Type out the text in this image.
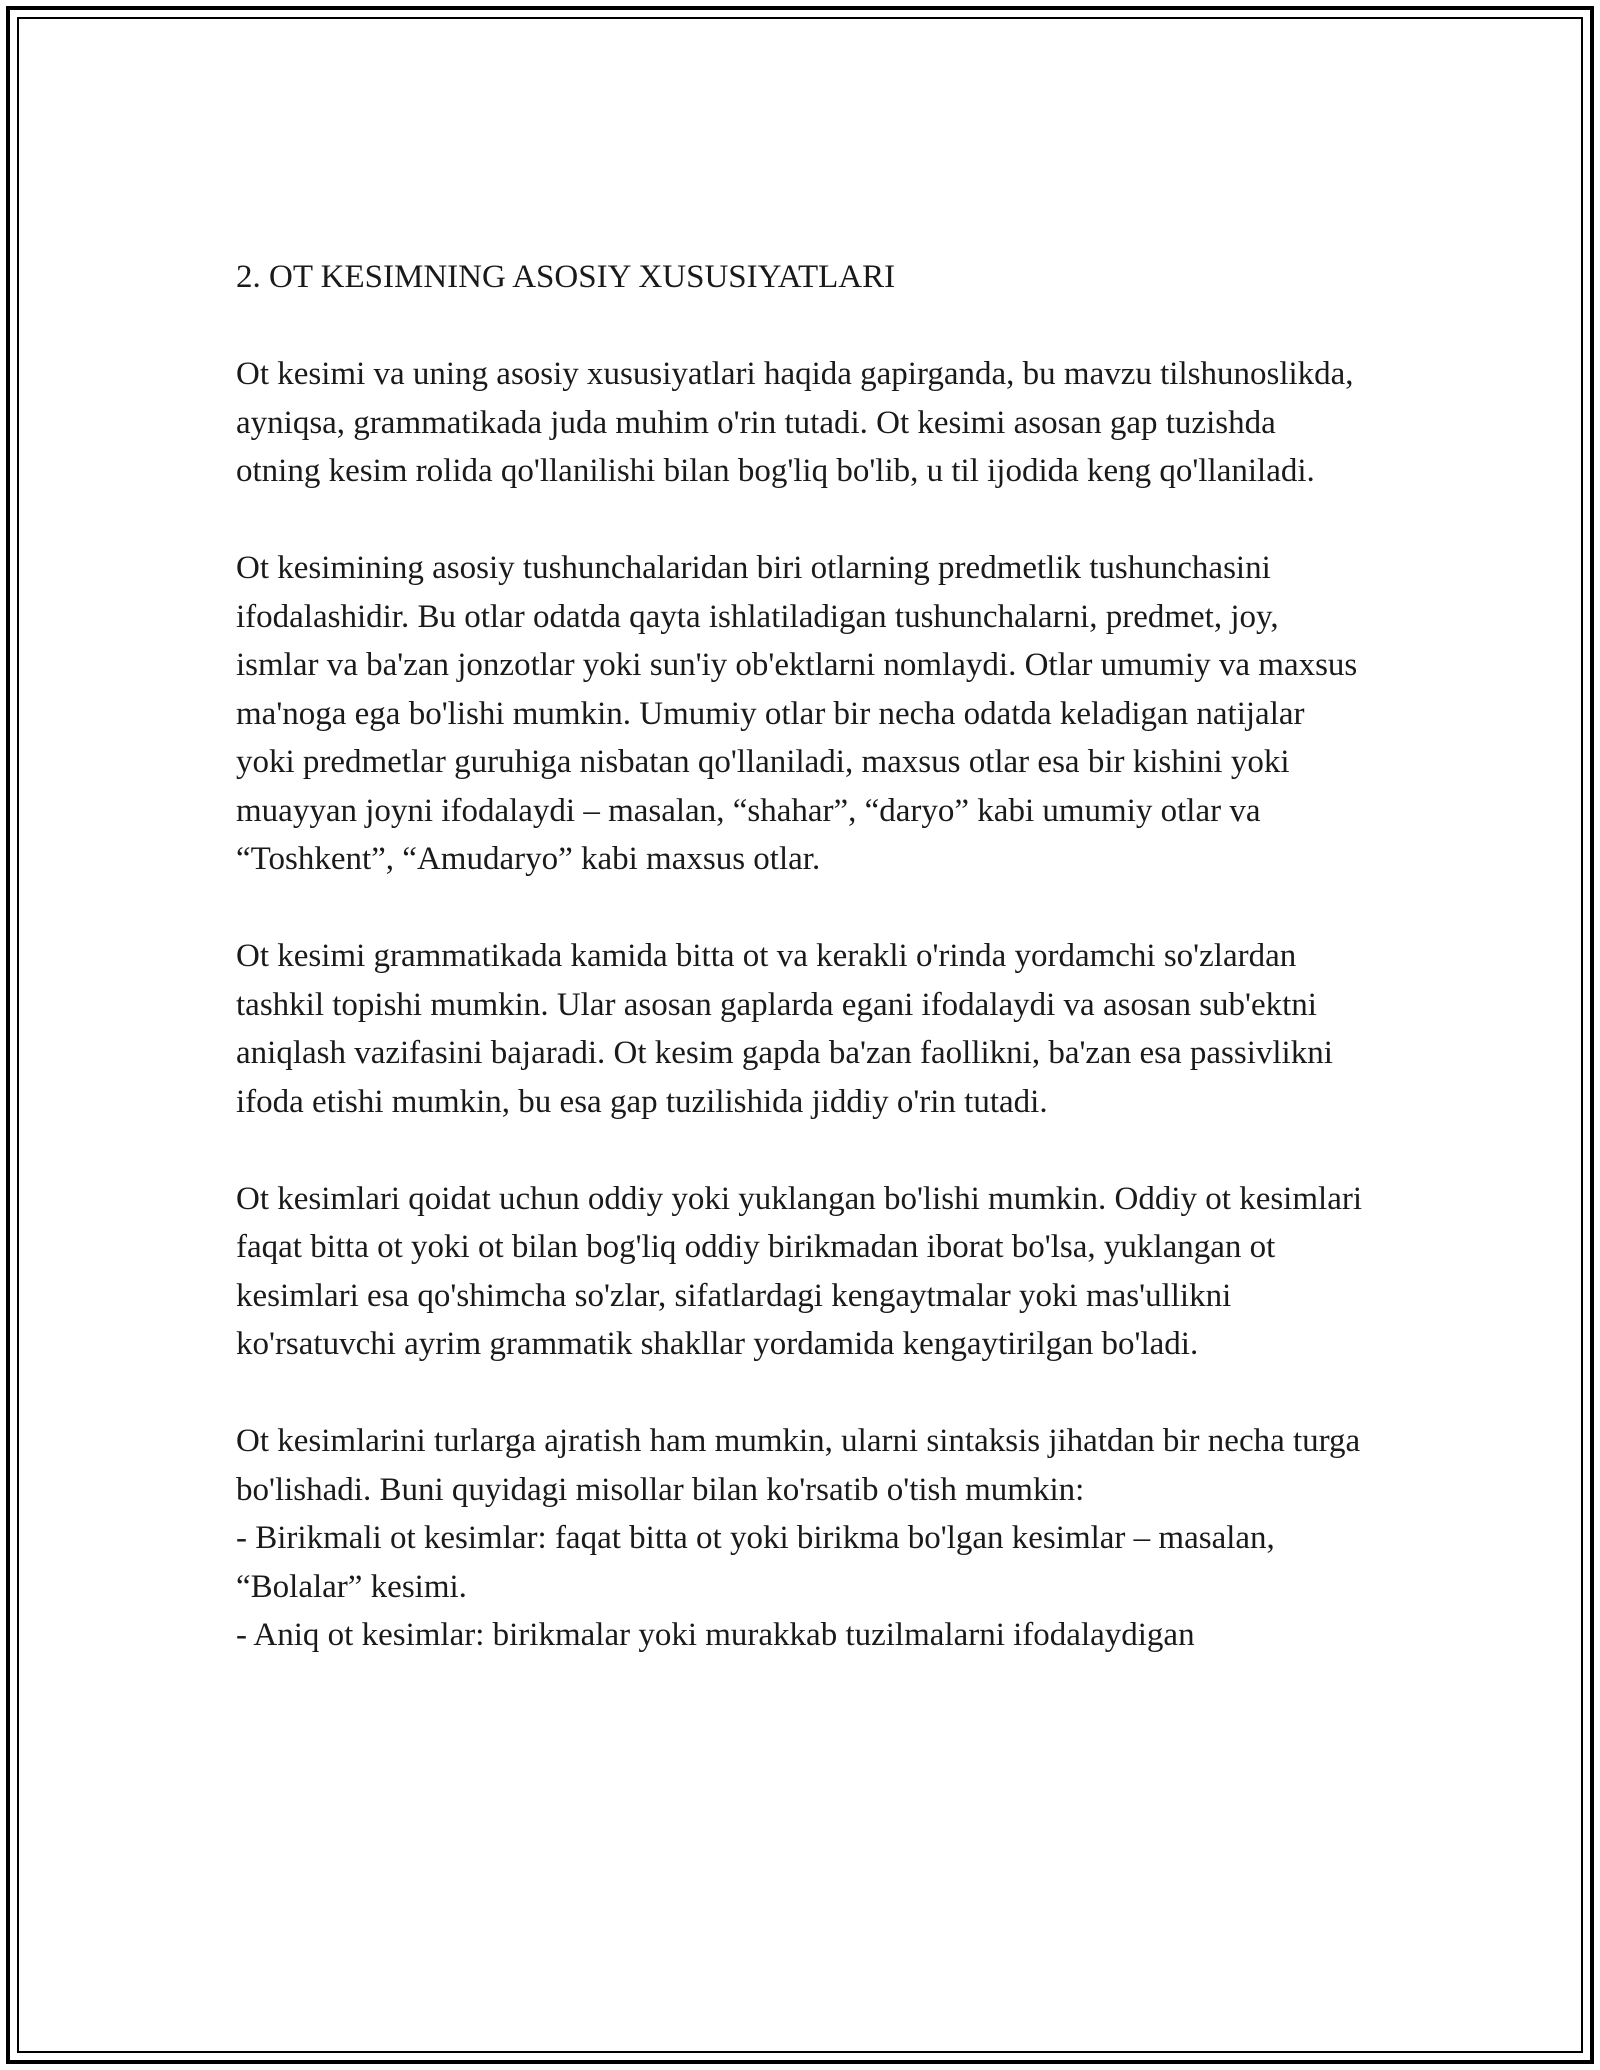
2. OT KESIMNING ASOSIY XUSUSIYATLARI

Ot kesimi va uning asosiy xususiyatlari haqida gapirganda, bu mavzu tilshunoslikda, ayniqsa, grammatikada juda muhim o'rin tutadi. Ot kesimi asosan gap tuzishda otning kesim rolida qo'llanilishi bilan bog'liq bo'lib, u til ijodida keng qo'llaniladi.

Ot kesimining asosiy tushunchalaridan biri otlarning predmetlik tushunchasini ifodalashidir. Bu otlar odatda qayta ishlatiladigan tushunchalarni, predmet, joy, ismlar va ba'zan jonzotlar yoki sun'iy ob'ektlarni nomlaydi. Otlar umumiy va maxsus ma'noga ega bo'lishi mumkin. Umumiy otlar bir necha odatda keladigan natijalar yoki predmetlar guruhiga nisbatan qo'llaniladi, maxsus otlar esa bir kishini yoki muayyan joyni ifodalaydi – masalan, “shahar”, “daryo” kabi umumiy otlar va “Toshkent”, “Amudaryo” kabi maxsus otlar.

Ot kesimi grammatikada kamida bitta ot va kerakli o'rinda yordamchi so'zlardan tashkil topishi mumkin. Ular asosan gaplarda egani ifodalaydi va asosan sub'ektni aniqlash vazifasini bajaradi. Ot kesim gapda ba'zan faollikni, ba'zan esa passivlikni ifoda etishi mumkin, bu esa gap tuzilishida jiddiy o'rin tutadi.

Ot kesimlari qoidat uchun oddiy yoki yuklangan bo'lishi mumkin. Oddiy ot kesimlari faqat bitta ot yoki ot bilan bog'liq oddiy birikmadan iborat bo'lsa, yuklangan ot kesimlari esa qo'shimcha so'zlar, sifatlardagi kengaytmalar yoki mas'ullikni ko'rsatuvchi ayrim grammatik shakllar yordamida kengaytirilgan bo'ladi.

Ot kesimlarini turlarga ajratish ham mumkin, ularni sintaksis jihatdan bir necha turga bo'lishadi. Buni quyidagi misollar bilan ko'rsatib o'tish mumkin:

- Birikmali ot kesimlar: faqat bitta ot yoki birikma bo'lgan kesimlar – masalan, “Bolalar” kesimi.
- Aniq ot kesimlar: birikmalar yoki murakkab tuzilmalarni ifodalaydigan
